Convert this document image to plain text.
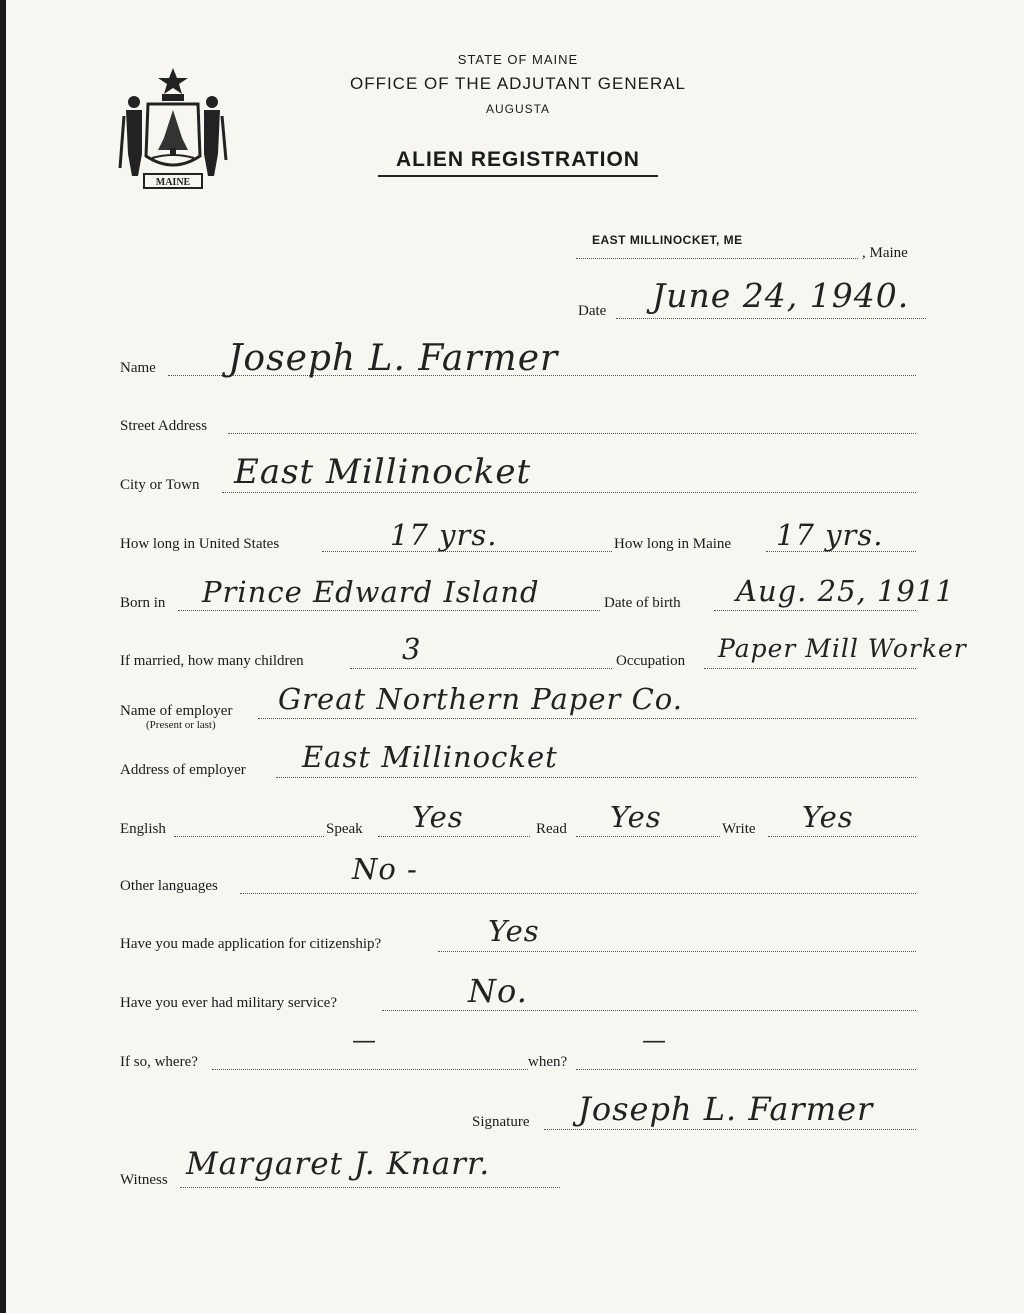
MAINE
STATE OF MAINE
OFFICE OF THE ADJUTANT GENERAL
AUGUSTA
ALIEN REGISTRATION
EAST MILLINOCKET, ME
, Maine
Date June 24, 1940.
Name Joseph L. Farmer
Street Address
City or Town East Millinocket
How long in United States	17 yrs.	How long in Maine 17 yrs.
Born in Prince Edward Island	Date of birth Aug. 25, 1911
If married, how many children	3	Occupation Paper Mill Worker
Name of employer
(Present or last)
Great Northern Paper Co.
Address of employer East Millinocket
English	Speak Yes	Read Yes	Write Yes
Other languages	No -
Have you made application for citizenship?	Yes
Have you ever had military service?	No.
If so, where?
—
when?
—
Signature Joseph L. Farmer
Witness Margaret J. Knarr.
